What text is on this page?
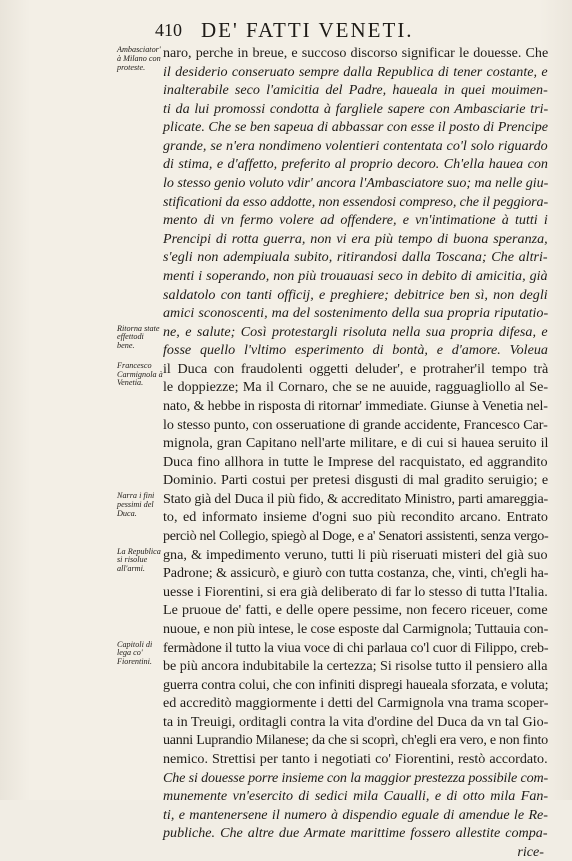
410 DE' FATTI VENETI.
Ambasciator' à Milano con proteste.
Ritorna state effettodi bene.
Francesco Carmignola à Venetia.
Narra i fini pessimi del Duca.
La Republica si risolue all'armi.
Capitoli di lega co' Fiorentini.
naro, perche in breue, e succoso discorso significar le douesse. Che
il desiderio conseruato sempre dalla Republica di tener costante, e
inalterabile seco l'amicitia del Padre, haueala in quei mouimen-
ti da lui promossi condotta à fargliele sapere con Ambasciarie tri-
plicate. Che se ben sapeua di abbassar con esse il posto di Prencipe
grande, se n'era nondimeno volentieri contentata co'l solo riguardo
di stima, e d'affetto, preferito al proprio decoro. Ch'ella hauea con
lo stesso genio voluto vdir' ancora l'Ambasciatore suo; ma nelle giu-
stificationi da esso addotte, non essendosi compreso, che il peggiora-
mento di vn fermo volere ad offendere, e vn'intimatione à tutti i
Prencipi di rotta guerra, non vi era più tempo di buona speranza,
s'egli non adempiuala subito, ritirandosi dalla Toscana; Che altri-
menti i soperando, non più trouauasi seco in debito di amicitia, già
saldatolo con tanti officij, e preghiere; debitrice ben sì, non degli
amici sconoscenti, ma del sostenimento della sua propria riputatio-
ne, e salute; Così protestargli risoluta nella sua propria difesa, e
fosse quello l'vltimo esperimento di bontà, e d'amore. Voleua
il Duca con fraudolenti oggetti deluder', e protraher'il tempo trà
le doppiezze; Ma il Cornaro, che se ne auuide, ragguagliollo al Se-
nato, & hebbe in risposta di ritornar' immediate. Giunse à Venetia nel-
lo stesso punto, con osseruatione di grande accidente, Francesco Car-
mignola, gran Capitano nell'arte militare, e di cui si hauea seruito il
Duca fino allhora in tutte le Imprese del racquistato, ed aggrandito
Dominio. Parti costui per pretesi disgusti di mal gradito seruigio; e
Stato già del Duca il più fido, & accreditato Ministro, parti amareggia-
to, ed informato insieme d'ogni suo più recondito arcano. Entrato
perciò nel Collegio, spiegò al Doge, e a' Senatori assistenti, senza vergo-
gna, & impedimento veruno, tutti li più riseruati misteri del già suo
Padrone; & assicurò, e giurò con tutta costanza, che, vinti, ch'egli ha-
uesse i Fiorentini, si era già deliberato di far lo stesso di tutta l'Italia.
Le pruoue de' fatti, e delle opere pessime, non fecero riceuer, come
nuoue, e non più intese, le cose esposte dal Carmignola; Tuttauia con-
fermàdone il tutto la viua voce di chi parlaua co'l cuor di Filippo, creb-
be più ancora indubitabile la certezza; Si risolse tutto il pensiero alla
guerra contra colui, che con infiniti dispregi haueala sforzata, e voluta;
ed accreditò maggiormente i detti del Carmignola vna trama scoper-
ta in Treuigi, orditagli contra la vita d'ordine del Duca da vn tal Gio-
uanni Luprandio Milanese; da che si scoprì, ch'egli era vero, e non finto
nemico. Strettisi per tanto i negotiati co' Fiorentini, restò accordato.
Che si douesse porre insieme con la maggior prestezza possibile com-
munemente vn'esercito di sedici mila Caualli, e di otto mila Fan-
ti, e mantenersene il numero à dispendio eguale di amendue le Re-
publiche. Che altre due Armate marittime fossero allestite compa-
rice-
